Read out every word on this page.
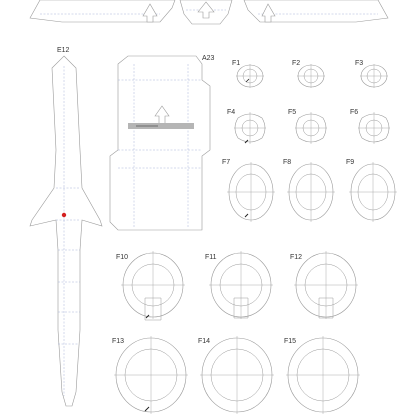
E12
A23
F1	F2	F3
F4	F5	F6
F7	F8	F9
F10	F11	F12
F13	F14	F15
